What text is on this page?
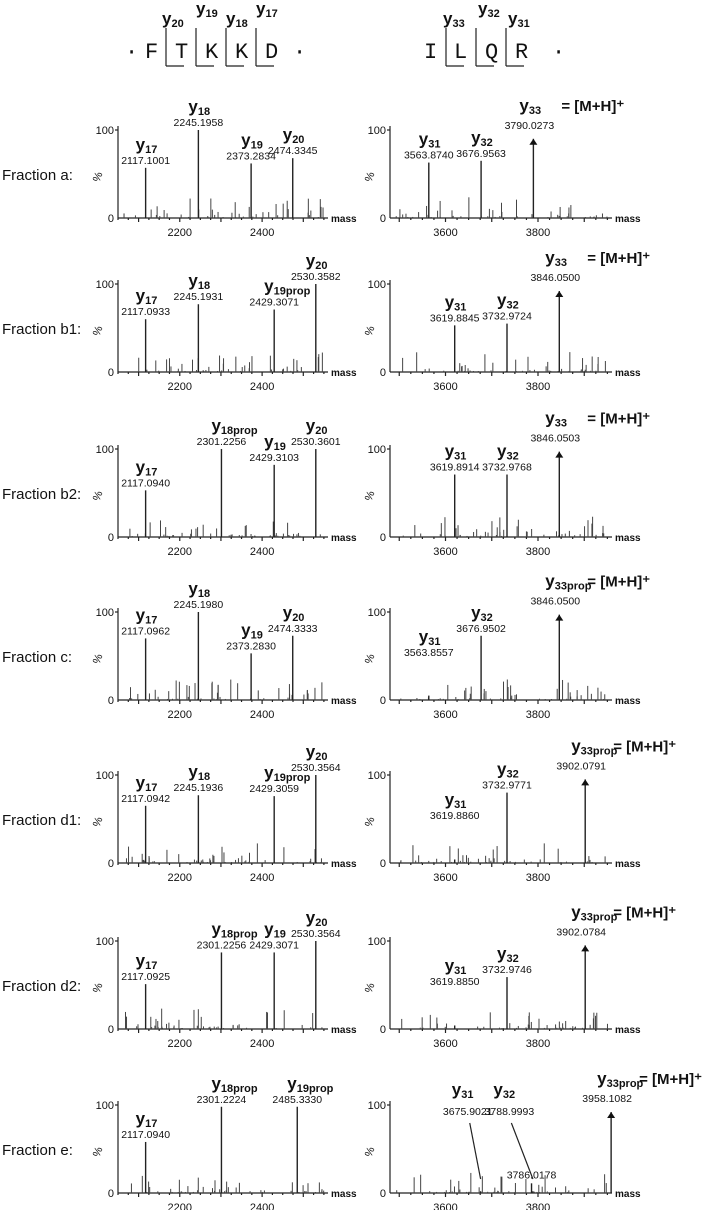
· F T K K D ·
y20
y19 y18
y17
I L Q R ·
y33
y32 y31
Fraction a:
100
0
%
mass
2200	2400
y17
2117.1001
y18
2245.1958
y19
2373.2834
y20
2474.3345
100
0
%
mass
3600	3800
y31
3563.8740
y32
3676.9563
y33 = [M+H]⁺
3790.0273
Fraction b1:
100
0
%
mass
2200	2400
y17
2117.0933
y18
2245.1931
y19prop
2429.3071
y20
2530.3582
100
0
%
mass
3600	3800
y31
3619.8845
y32
3732.9724
y33 = [M+H]⁺
3846.0500
Fraction b2:
100
0
%
mass
2200	2400
y17
2117.0940
y18prop
2301.2256 y19
2429.3103
y20
2530.3601
100
0
%
mass
3600	3800
y31
3619.8914
y32
3732.9768
y33 = [M+H]⁺
3846.0503
Fraction c:
100
0
%
mass
2200	2400
y17
2117.0962
y18
2245.1980
y19
2373.2830
y20
2474.3333
100
0
%
mass
3600	3800
y31
3563.8557
y32
3676.9502
y33prop
= [M+H]⁺
3846.0500
Fraction d1:
100
0
%
mass
2200	2400
y17
2117.0942
y18
2245.1936
y19prop
2429.3059
y20
2530.3564
100
0
%
mass
3600	3800
y31
3619.8860
y32
3732.9771
y33prop
= [M+H]⁺
3902.0791
Fraction d2:
100
0
%
mass
2200	2400
y17
2117.0925
y18prop
2301.2256
y19
2429.3071
y20
2530.3564
100
0
%
mass
3600	3800
y31
3619.8850
y32
3732.9746
y33prop
= [M+H]⁺
3902.0784
Fraction e:
100
0
%
mass
2200	2400
y17
2117.0940
y18prop
2301.2224
y19prop
2485.3330
100
0
%
mass
3600	3800
y31
3675.9021
y32
3788.9993
3786.0178
y33prop
= [M+H]⁺
3958.1082
